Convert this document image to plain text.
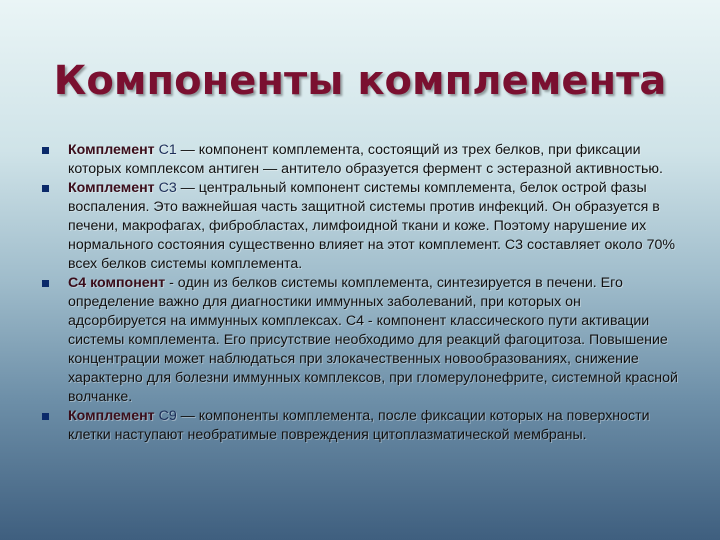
Компоненты комплемента
Комплемент С1 — компонент комплемента, состоящий из трех белков, при фиксации которых комплексом антиген — антитело образуется фермент с эстеразной активностью.
Комплемент С3 — центральный компонент системы комплемента, белок острой фазы воспаления. Это важнейшая часть защитной системы против инфекций. Он образуется в печени, макрофагах, фибробластах, лимфоидной ткани и коже. Поэтому нарушение их нормального состояния существенно влияет на этот комплемент. С3 составляет около 70% всех белков системы комплемента.
С4 компонент - один из белков системы комплемента, синтезируется в печени. Его определение важно для диагностики иммунных заболеваний, при которых он адсорбируется на иммунных комплексах. С4 - компонент классического пути активации системы комплемента. Его присутствие необходимо для реакций фагоцитоза. Повышение концентрации может наблюдаться при злокачественных новообразованиях, снижение характерно для болезни иммунных комплексов, при гломерулонефрите, системной красной волчанке.
Комплемент С9 — компоненты комплемента, после фиксации которых на поверхности клетки наступают необратимые повреждения цитоплазматической мембраны.
